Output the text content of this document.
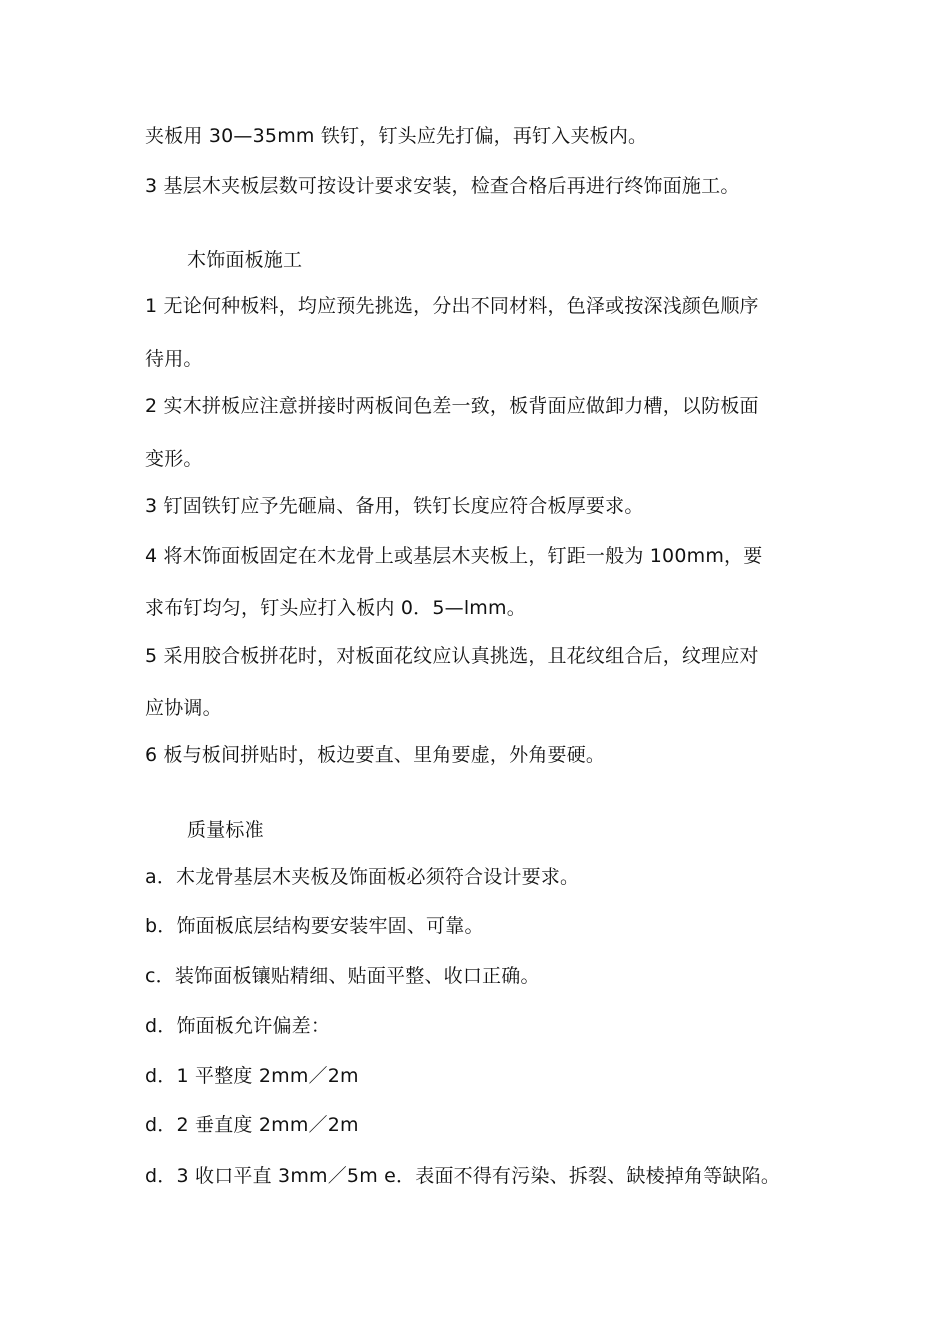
夹板用 30—35mm 铁钉，钉头应先打偏，再钉入夹板内。
3 基层木夹板层数可按设计要求安装，检查合格后再进行终饰面施工。
木饰面板施工
1 无论何种板料，均应预先挑选，分出不同材料，色泽或按深浅颜色顺序
待用。
2 实木拼板应注意拼接时两板间色差一致，板背面应做卸力槽，以防板面
变形。
3 钉固铁钉应予先砸扁、备用，铁钉长度应符合板厚要求。
4 将木饰面板固定在木龙骨上或基层木夹板上，钉距一般为 100mm，要
求布钉均匀，钉头应打入板内 0．5—lmm。
5 采用胶合板拼花时，对板面花纹应认真挑选，且花纹组合后，纹理应对
应协调。
6 板与板间拼贴时，板边要直、里角要虚，外角要硬。
质量标准
a．木龙骨基层木夹板及饰面板必须符合设计要求。
b．饰面板底层结构要安装牢固、可靠。
c．装饰面板镶贴精细、贴面平整、收口正确。
d．饰面板允许偏差：
d．1 平整度 2mm／2m
d．2 垂直度 2mm／2m
d．3 收口平直 3mm／5m e．表面不得有污染、拆裂、缺棱掉角等缺陷。
